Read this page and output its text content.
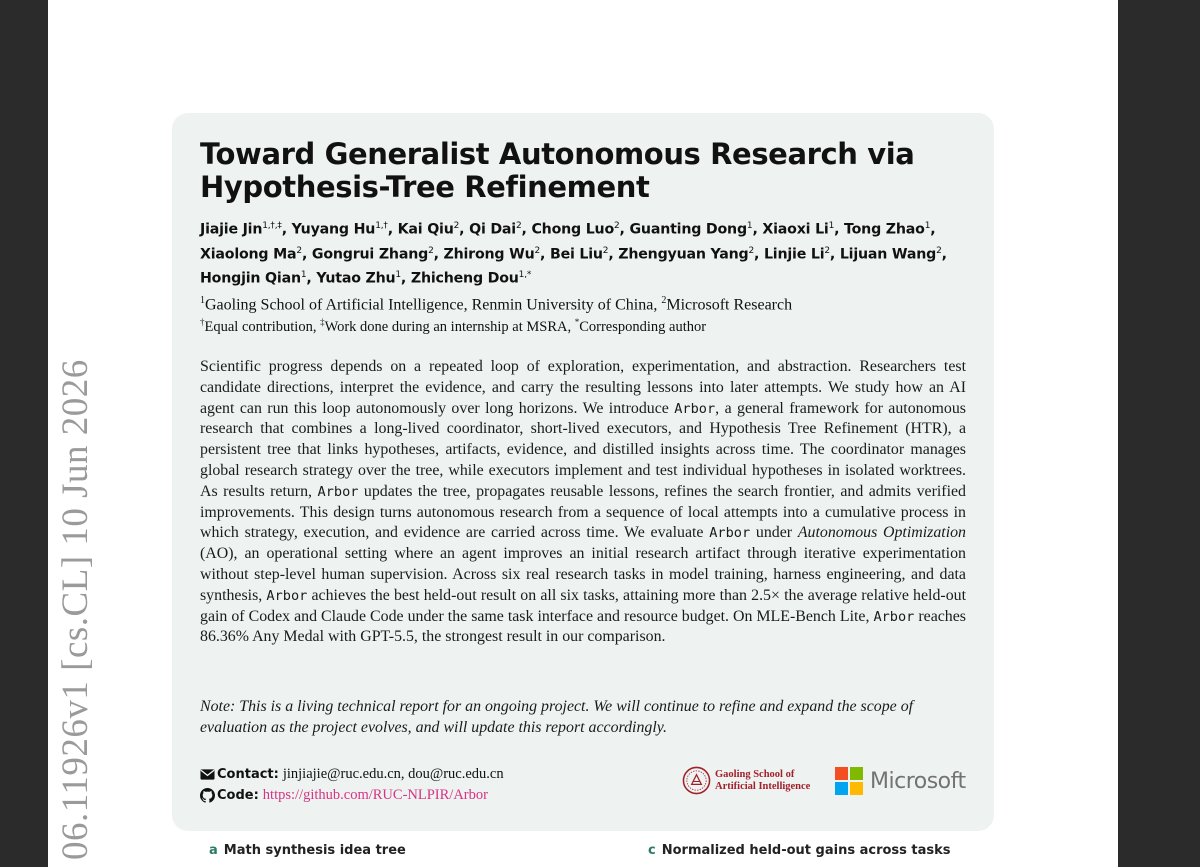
06.11926v1 [cs.CL] 10 Jun 2026
Toward Generalist Autonomous Research via
Hypothesis-Tree Refinement
Jiajie Jin$^{1,\dagger,\ddagger}$, Yuyang $Hu^{1,\dagger}$, Kai Qiu$^2$, Qi Dai$^2$, Chong Luo$^2$, Guanting Dong$^1$, Xiaoxi Li$^1$, Tong Zhao$^1$, Xiaolong Ma$^2$, Gongrui Zhang$^2$, Zhirong Wu$^2$, Bei Liu$^2$, Zhengyuan Yang$^2$, Linjie Li$^2$, Lijuan Wang$^2$, Hongjin Qian$^1$, Yutao Zhu$^1$, Zhicheng Dou$^{1,*}$
$^1$Gaoling School of Artificial Intelligence, Renmin University of China, $^2$Microsoft Research
†Equal contribution, ‡Work done during an internship at MSRA, *Corresponding author
Scientific progress depends on a repeated loop of exploration, experimentation, and abstraction. Researchers test candidate directions, interpret the evidence, and carry the resulting lessons into later attempts. We study how an AI agent can run this loop autonomously over long horizons. We introduce Arbor, a general framework for autonomous research that combines a long-lived coordinator, short-lived executors, and Hypothesis Tree Refinement (HTR), a persistent tree that links hypotheses, artifacts, evidence, and distilled insights across time. The coordinator manages global research strategy over the tree, while executors implement and test individual hypotheses in isolated worktrees. As results return, Arbor updates the tree, propagates reusable lessons, refines the search frontier, and admits verified improvements. This design turns autonomous research from a sequence of local attempts into a cumulative process in which strategy, execution, and evidence are carried across time. We evaluate Arbor under Autonomous Optimization (AO), an operational setting where an agent improves an initial research artifact through iterative experimentation without step-level human supervision. Across six real research tasks in model training, harness engineering, and data synthesis, Arbor achieves the best held-out result on all six tasks, attaining more than 2.5× the average relative held-out gain of Codex and Claude Code under the same task interface and resource budget. On MLE-Bench Lite, Arbor reaches 86.36% Any Medal with GPT-5.5, the strongest result in our comparison.
Note: This is a living technical report for an ongoing project. We will continue to refine and expand the scope of evaluation as the project evolves, and will update this report accordingly.
Contact: jinjiajie@ruc.edu.cn, dou@ruc.edu.cn
Code: https://github.com/RUC-NLPIR/Arbor
Gaoling School of
Artificial Intelligence	Microsoft
a Math synthesis idea tree	c Normalized held-out gains across tasks
